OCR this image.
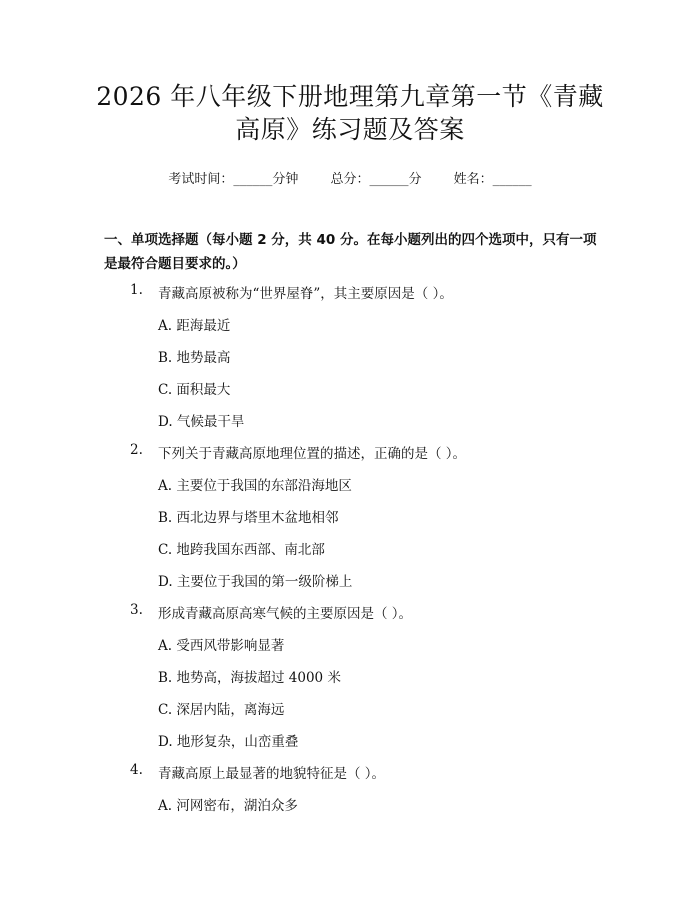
2026 年八年级下册地理第九章第一节《青藏
高原》练习题及答案
考试时间：______分钟 总分：______分 姓名：______
一、单项选择题（每小题 2 分，共 40 分。在每小题列出的四个选项中，只有一项是最符合题目要求的。）
1. 青藏高原被称为“世界屋脊”，其主要原因是（ ）。
A. 距海最近
B. 地势最高
C. 面积最大
D. 气候最干旱
2. 下列关于青藏高原地理位置的描述，正确的是（ ）。
A. 主要位于我国的东部沿海地区
B. 西北边界与塔里木盆地相邻
C. 地跨我国东西部、南北部
D. 主要位于我国的第一级阶梯上
3. 形成青藏高原高寒气候的主要原因是（ ）。
A. 受西风带影响显著
B. 地势高，海拔超过 4000 米
C. 深居内陆，离海远
D. 地形复杂，山峦重叠
4. 青藏高原上最显著的地貌特征是（ ）。
A. 河网密布，湖泊众多
